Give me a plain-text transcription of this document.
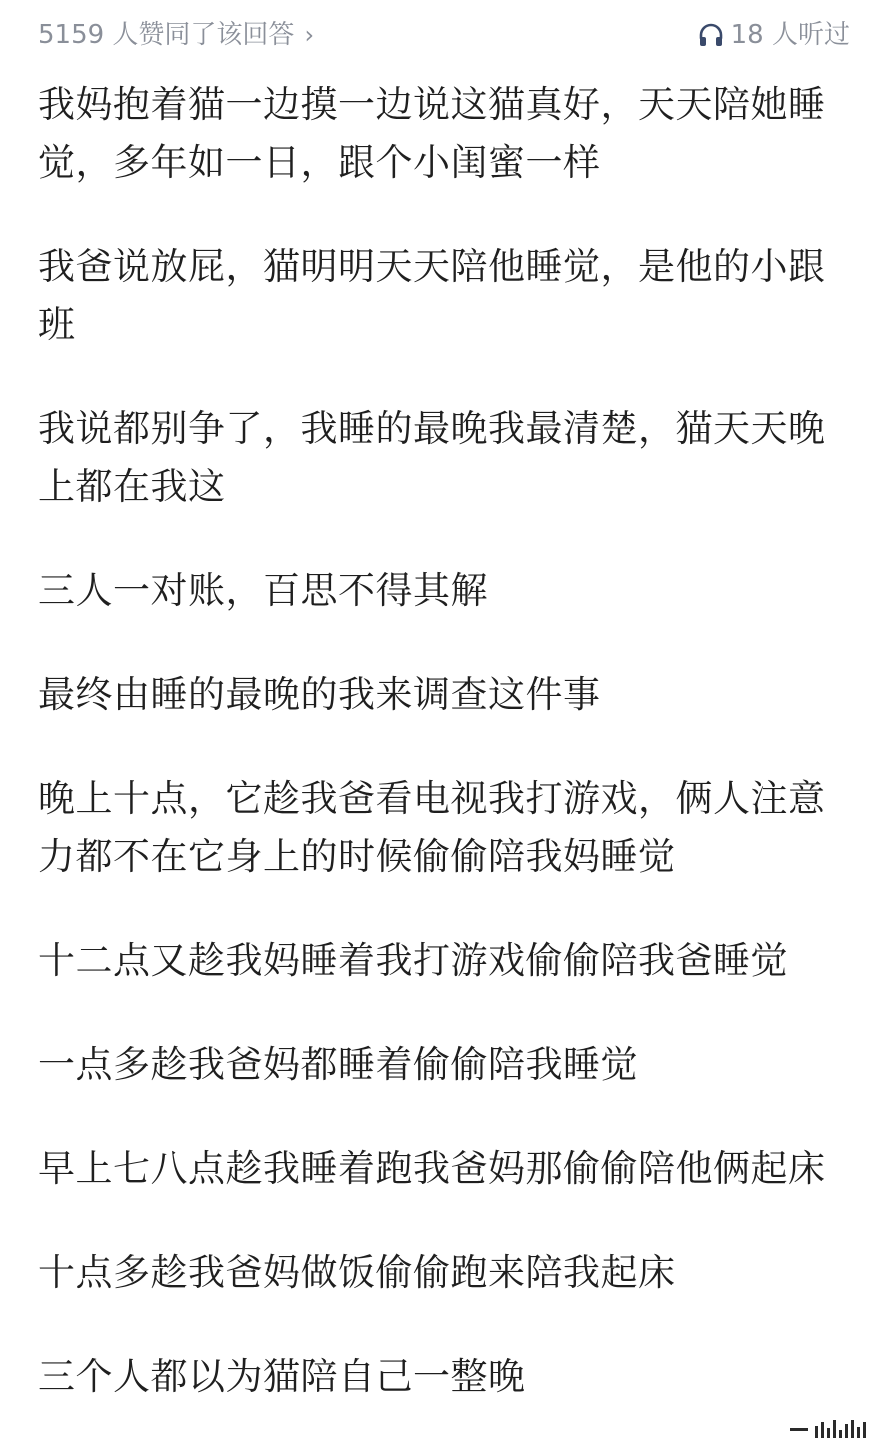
5159 人赞同了该回答 ›	18 人听过

我妈抱着猫一边摸一边说这猫真好，天天陪她睡觉，多年如一日，跟个小闺蜜一样

我爸说放屁，猫明明天天陪他睡觉，是他的小跟班

我说都别争了，我睡的最晚我最清楚，猫天天晚上都在我这

三人一对账，百思不得其解

最终由睡的最晚的我来调查这件事

晚上十点，它趁我爸看电视我打游戏，俩人注意力都不在它身上的时候偷偷陪我妈睡觉

十二点又趁我妈睡着我打游戏偷偷陪我爸睡觉

一点多趁我爸妈都睡着偷偷陪我睡觉

早上七八点趁我睡着跑我爸妈那偷偷陪他俩起床

十点多趁我爸妈做饭偷偷跑来陪我起床

三个人都以为猫陪自己一整晚
